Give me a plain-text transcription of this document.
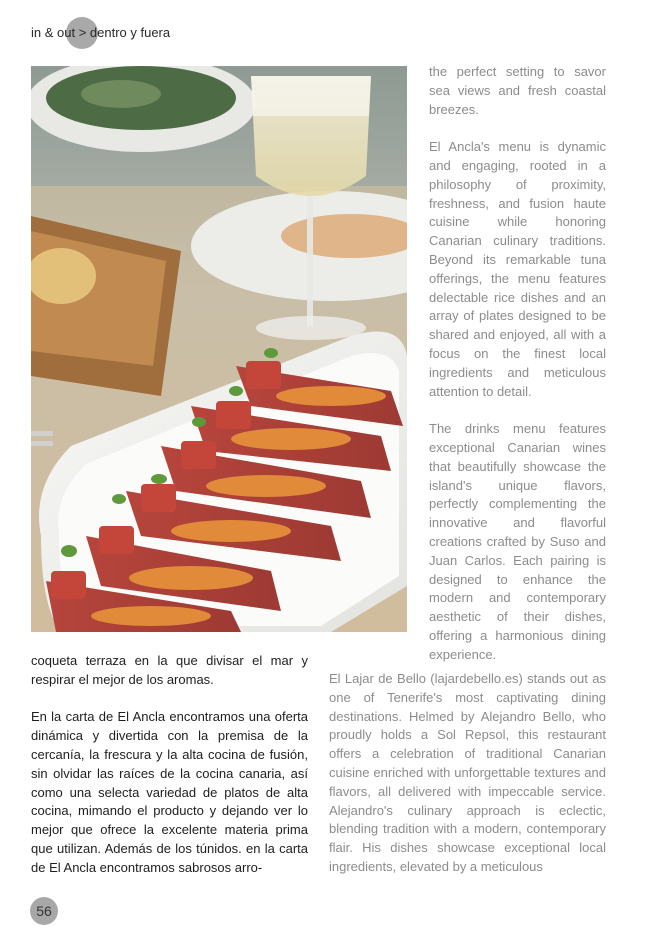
in & out > dentro y fuera

the perfect setting to savor sea views and fresh coastal breezes.

El Ancla's menu is dynamic and engaging, rooted in a philosophy of proximity, freshness, and fusion haute cuisine while honoring Canarian culinary traditions. Beyond its remarkable tuna offerings, the menu features delectable rice dishes and an array of plates designed to be shared and enjoyed, all with a focus on the finest local ingredients and meticulous attention to detail.

The drinks menu features exceptional Canarian wines that beautifully showcase the island's unique flavors, perfectly complementing the innovative and flavorful creations crafted by Suso and Juan Carlos. Each pairing is designed to enhance the modern and contemporary aesthetic of their dishes, offering a harmonious dining experience.

coqueta terraza en la que divisar el mar y respirar el mejor de los aromas.

En la carta de El Ancla encontramos una oferta dinámica y divertida con la premisa de la cercanía, la frescura y la alta cocina de fusión, sin olvidar las raíces de la cocina canaria, así como una selecta variedad de platos de alta cocina, mimando el producto y dejando ver lo mejor que ofrece la excelente materia prima que utilizan. Además de los túnidos. en la carta de El Ancla encontramos sabrosos arro-

El Lajar de Bello (lajardebello.es) stands out as one of Tenerife's most captivating dining destinations. Helmed by Alejandro Bello, who proudly holds a Sol Repsol, this restaurant offers a celebration of traditional Canarian cuisine enriched with unforgettable textures and flavors, all delivered with impeccable service. Alejandro's culinary approach is eclectic, blending tradition with a modern, contemporary flair. His dishes showcase exceptional local ingredients, elevated by a meticulous

56
